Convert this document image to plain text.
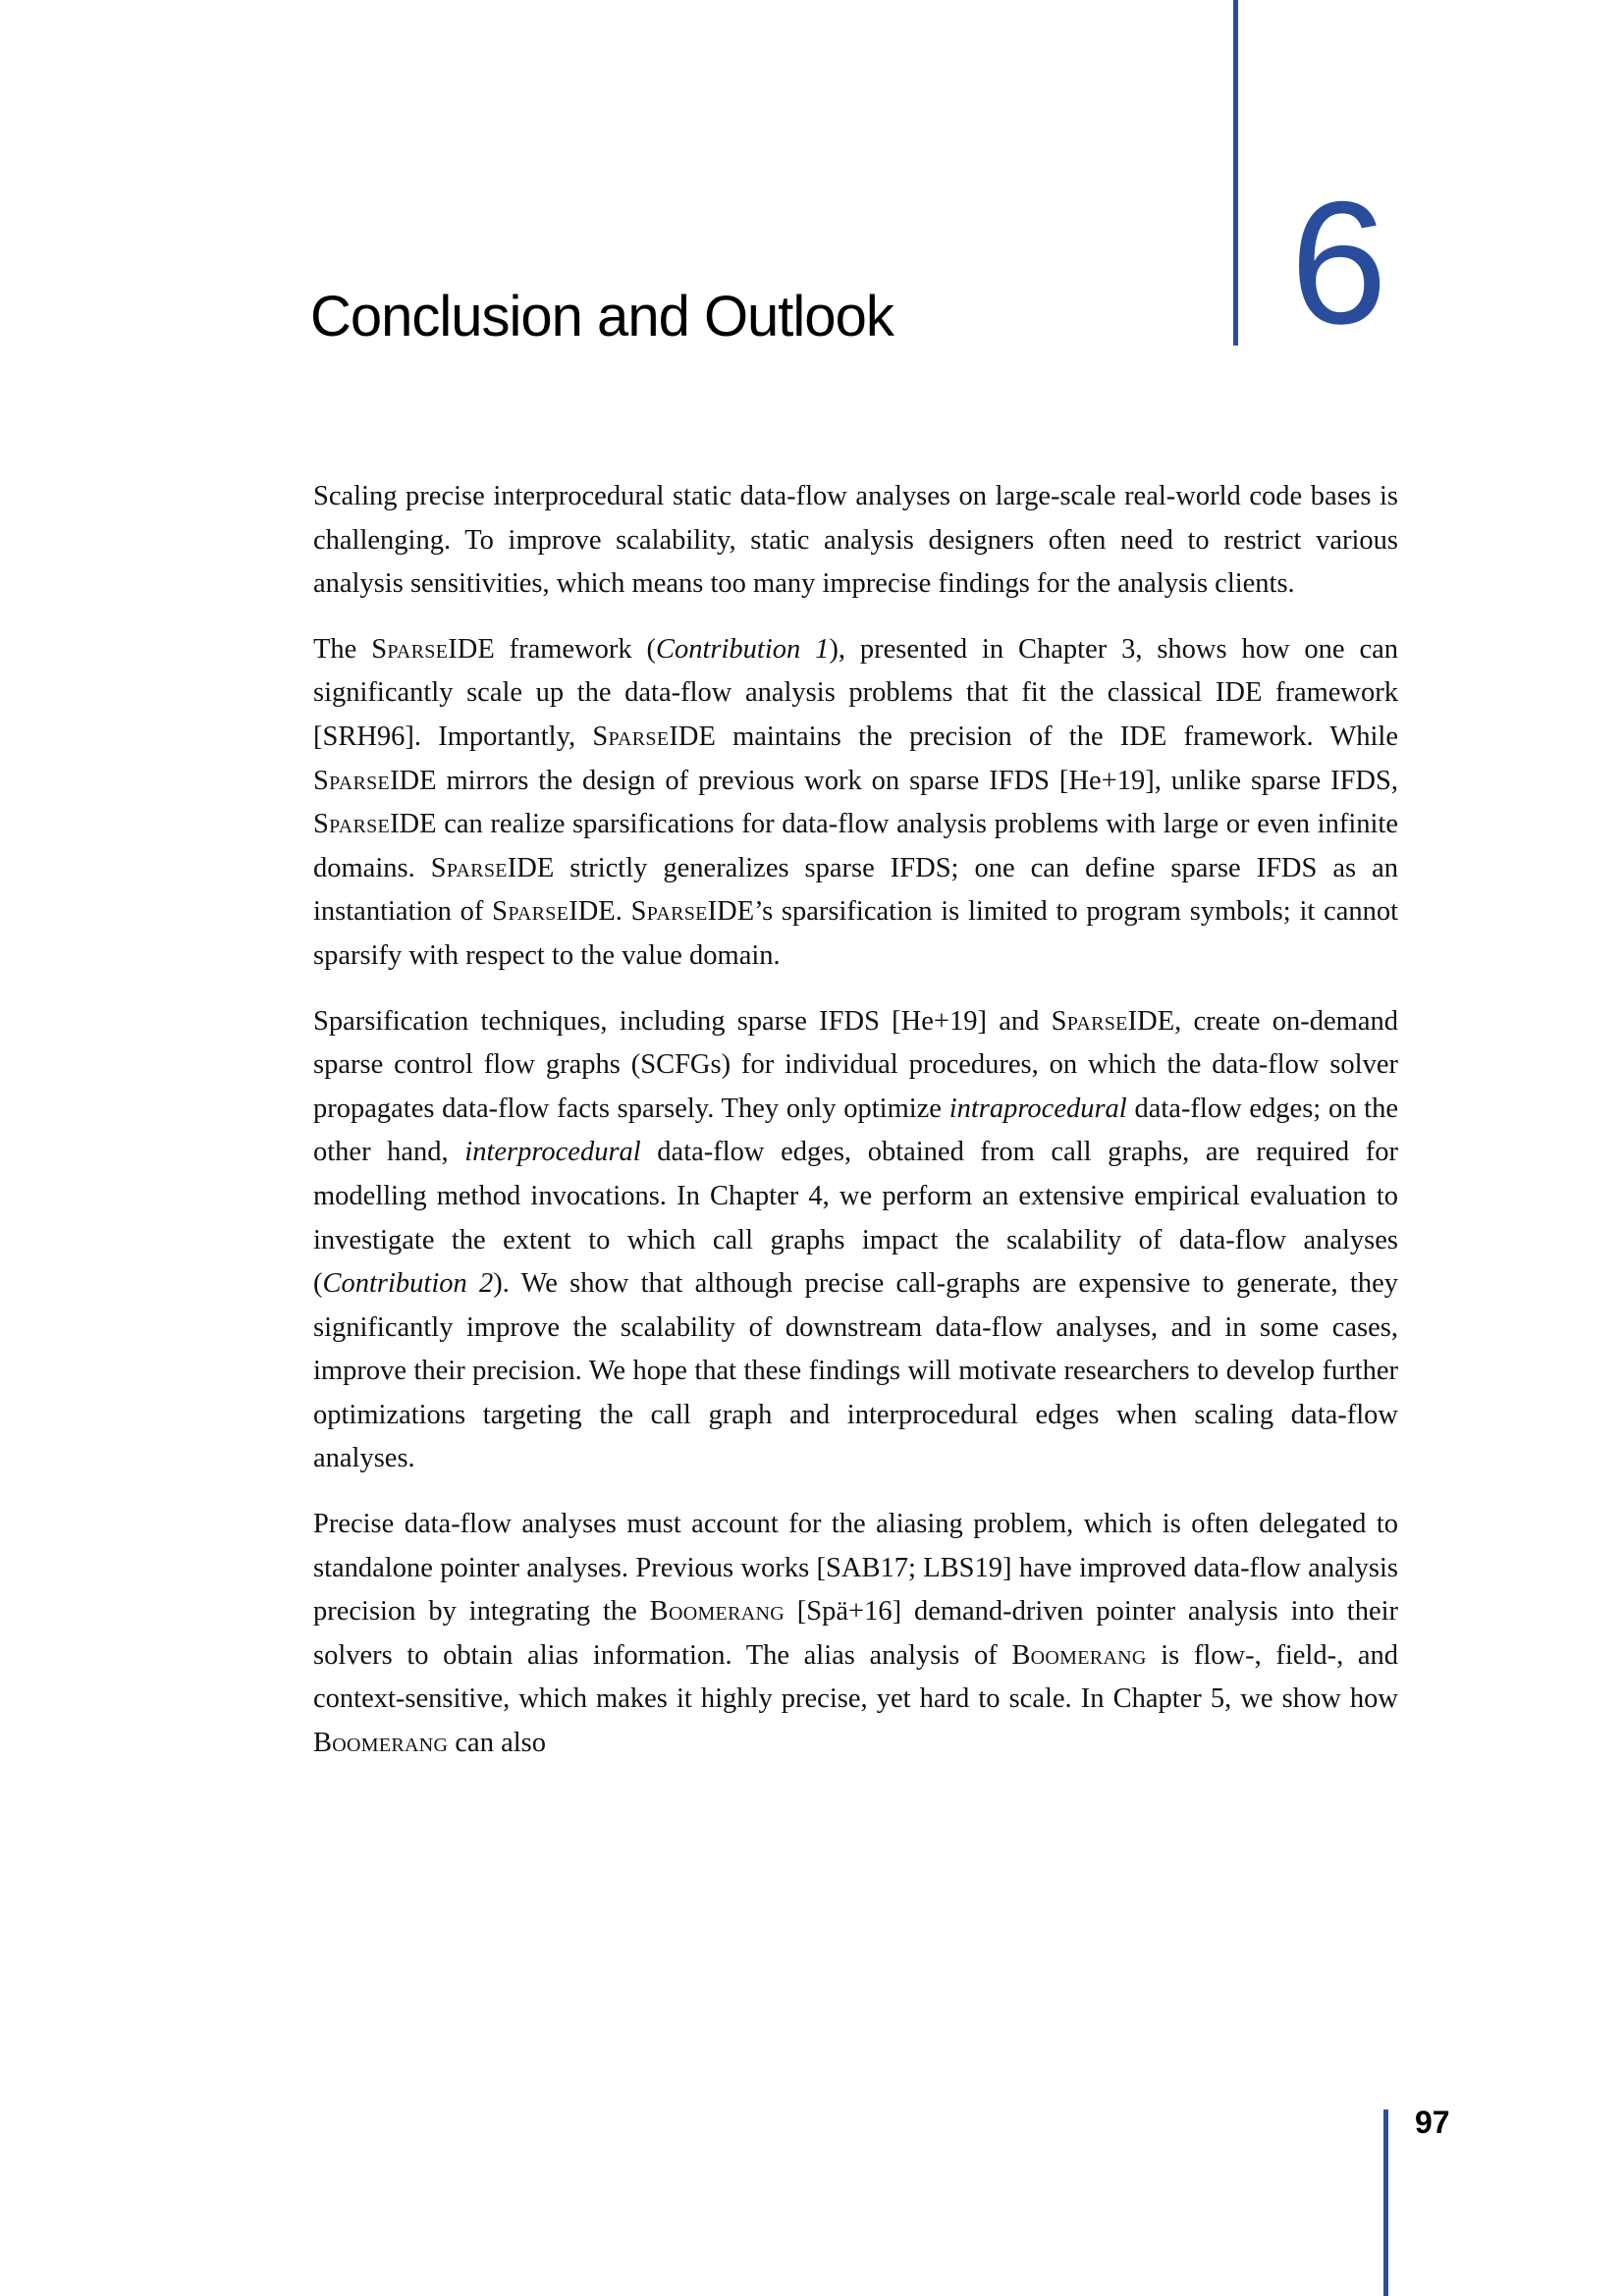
Conclusion and Outlook 6

Scaling precise interprocedural static data-flow analyses on large-scale real-world code bases is challenging. To improve scalability, static analysis designers often need to restrict various analysis sensitivities, which means too many imprecise findings for the analysis clients.

The SparseIDE framework (Contribution 1), presented in Chapter 3, shows how one can significantly scale up the data-flow analysis problems that fit the classical IDE framework [SRH96]. Importantly, SparseIDE maintains the precision of the IDE framework. While SparseIDE mirrors the design of previous work on sparse IFDS [He+19], unlike sparse IFDS, SparseIDE can realize sparsifications for data-flow analysis problems with large or even infinite domains. SparseIDE strictly generalizes sparse IFDS; one can define sparse IFDS as an instantiation of SparseIDE. SparseIDE’s sparsification is limited to program symbols; it cannot sparsify with respect to the value domain.

Sparsification techniques, including sparse IFDS [He+19] and SparseIDE, create on-demand sparse control flow graphs (SCFGs) for individual procedures, on which the data-flow solver propagates data-flow facts sparsely. They only optimize intraprocedural data-flow edges; on the other hand, interprocedural data-flow edges, obtained from call graphs, are required for modelling method invocations. In Chapter 4, we perform an extensive empirical evaluation to investigate the extent to which call graphs impact the scalability of data-flow analyses (Contribution 2). We show that although precise call-graphs are expensive to generate, they significantly improve the scalability of downstream data-flow analyses, and in some cases, improve their precision. We hope that these findings will motivate researchers to develop further optimizations targeting the call graph and interprocedural edges when scaling data-flow analyses.

Precise data-flow analyses must account for the aliasing problem, which is often delegated to standalone pointer analyses. Previous works [SAB17; LBS19] have improved data-flow analysis precision by integrating the Boomerang [Spä+16] demand-driven pointer analysis into their solvers to obtain alias information. The alias analysis of Boomerang is flow-, field-, and context-sensitive, which makes it highly precise, yet hard to scale. In Chapter 5, we show how Boomerang can also

97
